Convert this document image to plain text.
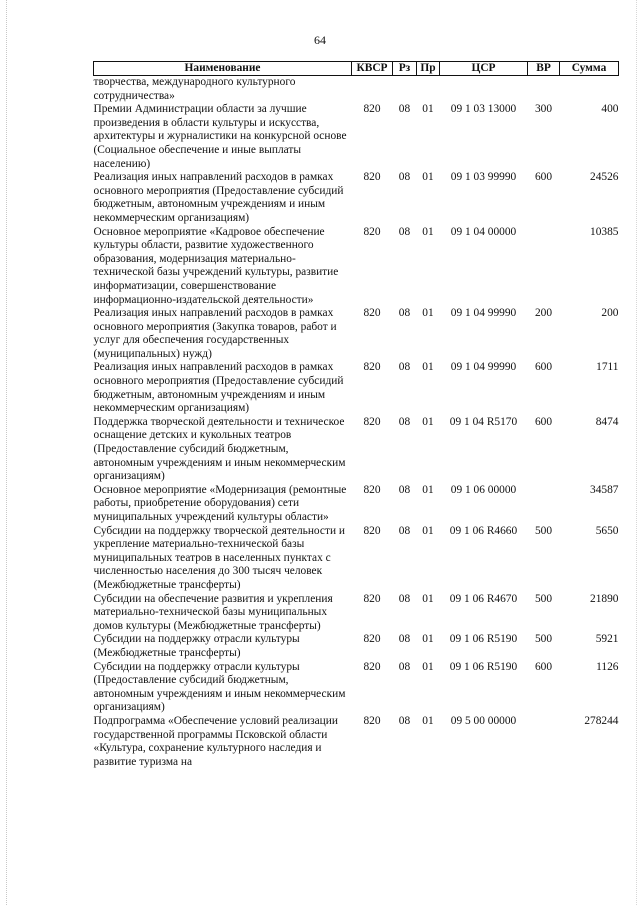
64
Наименование	КВСР	Рз	Пр	ЦСР	ВР	Сумма
творчества, международного культурного сотрудничества»						
Премии Администрации области за лучшие произведения в области культуры и искусства, архитектуры и журналистики на конкурсной основе (Социальное обеспечение и иные выплаты населению)	820	08	01	09 1 03 13000	300	400
Реализация иных направлений расходов в рамках основного мероприятия (Предоставление субсидий бюджетным, автономным учреждениям и иным некоммерческим организациям)	820	08	01	09 1 03 99990	600	24526
Основное мероприятие «Кадровое обеспечение культуры области, развитие художественного образования, модернизация материально-технической базы учреждений культуры, развитие информатизации, совершенствование информационно-издательской деятельности»	820	08	01	09 1 04 00000		10385
Реализация иных направлений расходов в рамках основного мероприятия (Закупка товаров, работ и услуг для обеспечения государственных (муниципальных) нужд)	820	08	01	09 1 04 99990	200	200
Реализация иных направлений расходов в рамках основного мероприятия (Предоставление субсидий бюджетным, автономным учреждениям и иным некоммерческим организациям)	820	08	01	09 1 04 99990	600	1711
Поддержка творческой деятельности и техническое оснащение детских и кукольных театров (Предоставление субсидий бюджетным, автономным учреждениям и иным некоммерческим организациям)	820	08	01	09 1 04 R5170	600	8474
Основное мероприятие «Модернизация (ремонтные работы, приобретение оборудования) сети муниципальных учреждений культуры области»	820	08	01	09 1 06 00000		34587
Субсидии на поддержку творческой деятельности и укрепление материально-технической базы муниципальных театров в населенных пунктах с численностью населения до 300 тысяч человек (Межбюджетные трансферты)	820	08	01	09 1 06 R4660	500	5650
Субсидии на обеспечение развития и укрепления материально-технической базы муниципальных домов культуры (Межбюджетные трансферты)	820	08	01	09 1 06 R4670	500	21890
Субсидии на поддержку отрасли культуры (Межбюджетные трансферты)	820	08	01	09 1 06 R5190	500	5921
Субсидии на поддержку отрасли культуры (Предоставление субсидий бюджетным, автономным учреждениям и иным некоммерческим организациям)	820	08	01	09 1 06 R5190	600	1126
Подпрограмма «Обеспечение условий реализации государственной программы Псковской области «Культура, сохранение культурного наследия и развитие туризма на	820	08	01	09 5 00 00000		278244
